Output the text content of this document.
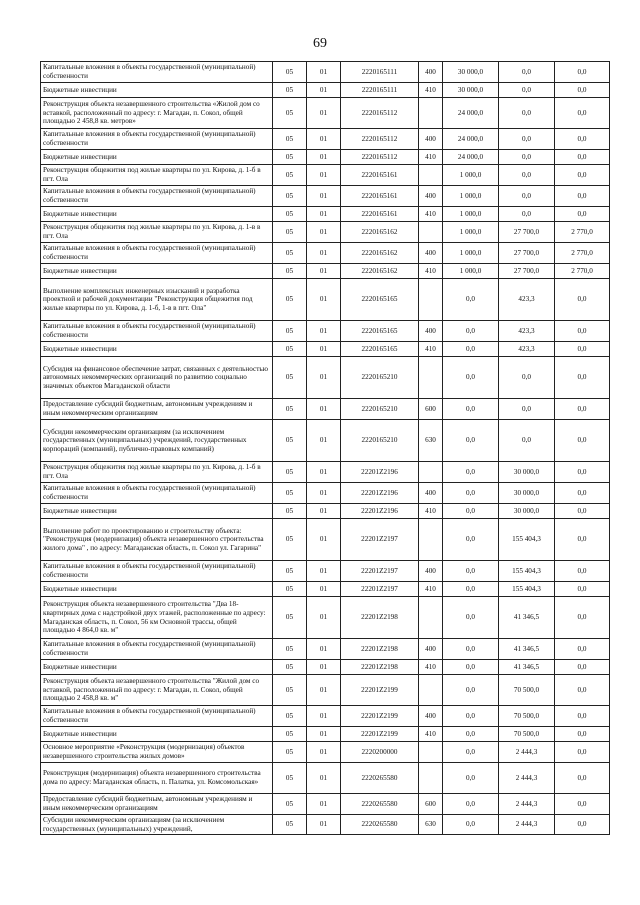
69
Капитальные вложения в объекты государственной (муниципальной) собственности	05	01	2220165111	400	30 000,0	0,0	0,0
Бюджетные инвестиции	05	01	2220165111	410	30 000,0	0,0	0,0
Реконструкция объекта незавершенного строительства «Жилой дом со вставкой, расположенный по адресу: г. Магадан, п. Сокол, общей площадью 2 458,8 кв. метров»	05	01	2220165112		24 000,0	0,0	0,0
Капитальные вложения в объекты государственной (муниципальной) собственности	05	01	2220165112	400	24 000,0	0,0	0,0
Бюджетные инвестиции	05	01	2220165112	410	24 000,0	0,0	0,0
Реконструкция общежития под жилые квартиры по ул. Кирова, д. 1-б в пгт. Ола	05	01	2220165161		1 000,0	0,0	0,0
Капитальные вложения в объекты государственной (муниципальной) собственности	05	01	2220165161	400	1 000,0	0,0	0,0
Бюджетные инвестиции	05	01	2220165161	410	1 000,0	0,0	0,0
Реконструкция общежития под жилые квартиры по ул. Кирова, д. 1-в в пгт. Ола	05	01	2220165162		1 000,0	27 700,0	2 770,0
Капитальные вложения в объекты государственной (муниципальной) собственности	05	01	2220165162	400	1 000,0	27 700,0	2 770,0
Бюджетные инвестиции	05	01	2220165162	410	1 000,0	27 700,0	2 770,0
Выполнение комплексных инженерных изысканий и разработка проектной и рабочей документации "Реконструкция общежития под жилые квартиры по ул. Кирова, д. 1-б, 1-в в пгт. Ола"	05	01	2220165165		0,0	423,3	0,0
Капитальные вложения в объекты государственной (муниципальной) собственности	05	01	2220165165	400	0,0	423,3	0,0
Бюджетные инвестиции	05	01	2220165165	410	0,0	423,3	0,0
Субсидия на финансовое обеспечение затрат, связанных с деятельностью автономных некоммерческих организаций по развитию социально значимых объектов Магаданской области	05	01	2220165210		0,0	0,0	0,0
Предоставление субсидий бюджетным, автономным учреждениям и иным некоммерческим организациям	05	01	2220165210	600	0,0	0,0	0,0
Субсидии некоммерческим организациям (за исключением государственных (муниципальных) учреждений, государственных корпораций (компаний), публично-правовых компаний)	05	01	2220165210	630	0,0	0,0	0,0
Реконструкция общежития под жилые квартиры по ул. Кирова, д. 1-б в пгт. Ола	05	01	22201Z2196		0,0	30 000,0	0,0
Капитальные вложения в объекты государственной (муниципальной) собственности	05	01	22201Z2196	400	0,0	30 000,0	0,0
Бюджетные инвестиции	05	01	22201Z2196	410	0,0	30 000,0	0,0
Выполнение работ по проектированию и строительству объекта: "Реконструкция (модернизация) объекта незавершенного строительства жилого дома" , по адресу: Магаданская область, п. Сокол ул. Гагарина"	05	01	22201Z2197		0,0	155 404,3	0,0
Капитальные вложения в объекты государственной (муниципальной) собственности	05	01	22201Z2197	400	0,0	155 404,3	0,0
Бюджетные инвестиции	05	01	22201Z2197	410	0,0	155 404,3	0,0
Реконструкция объекта незавершенного строительства "Два 18-квартирных дома с надстройкой двух этажей, расположенные по адресу: Магаданская область, п. Сокол, 56 км Основной трассы, общей площадью 4 864,0 кв. м"	05	01	22201Z2198		0,0	41 346,5	0,0
Капитальные вложения в объекты государственной (муниципальной) собственности	05	01	22201Z2198	400	0,0	41 346,5	0,0
Бюджетные инвестиции	05	01	22201Z2198	410	0,0	41 346,5	0,0
Реконструкция объекта незавершенного строительства "Жилой дом со вставкой, расположенный по адресу: г. Магадан, п. Сокол, общей площадью 2 458,8 кв. м"	05	01	22201Z2199		0,0	70 500,0	0,0
Капитальные вложения в объекты государственной (муниципальной) собственности	05	01	22201Z2199	400	0,0	70 500,0	0,0
Бюджетные инвестиции	05	01	22201Z2199	410	0,0	70 500,0	0,0
Основное мероприятие «Реконструкция (модернизация) объектов незавершенного строительства жилых домов»	05	01	2220200000		0,0	2 444,3	0,0
Реконструкция (модернизация) объекта незавершенного строительства дома по адресу: Магаданская область, п. Палатка, ул. Комсомольская»	05	01	2220265580		0,0	2 444,3	0,0
Предоставление субсидий бюджетным, автономным учреждениям и иным некоммерческим организациям	05	01	2220265580	600	0,0	2 444,3	0,0
Субсидии некоммерческим организациям (за исключением государственных (муниципальных) учреждений,	05	01	2220265580	630	0,0	2 444,3	0,0
